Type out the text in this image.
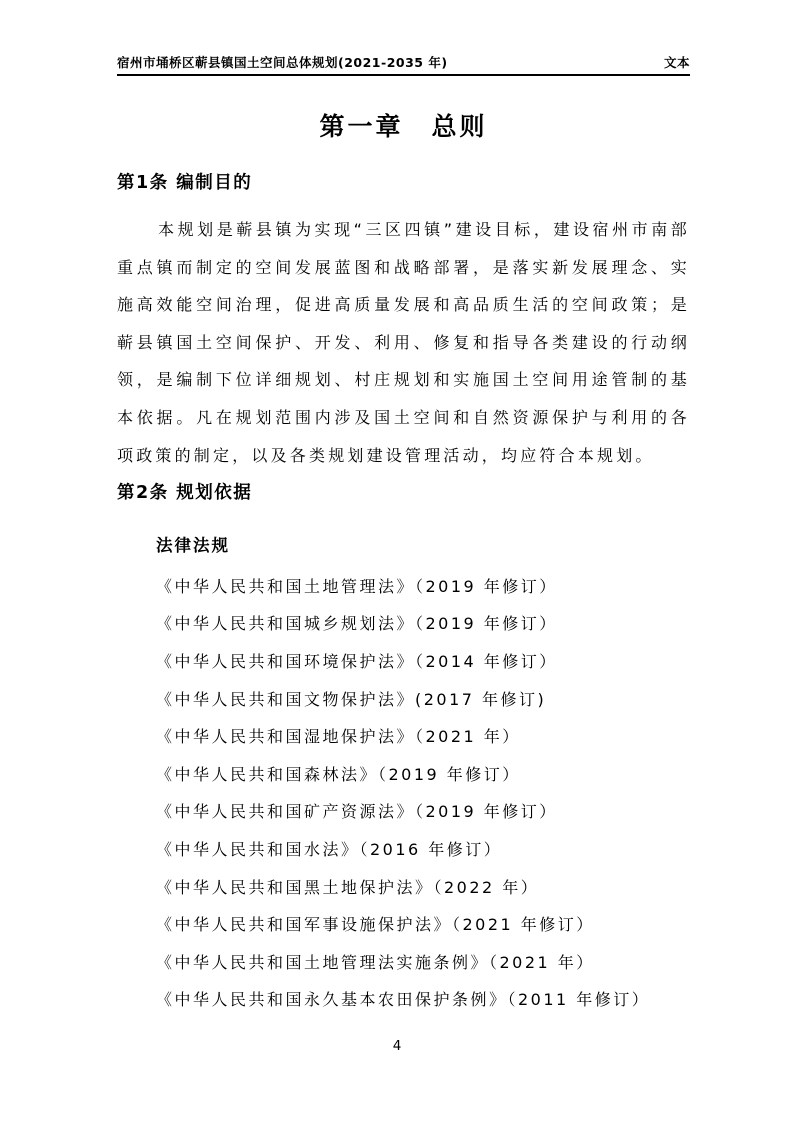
宿州市埇桥区蕲县镇国土空间总体规划(2021-2035 年)	文本
第一章　总则
第1条 编制目的

本规划是蕲县镇为实现“三区四镇”建设目标，建设宿州市南部重点镇而制定的空间发展蓝图和战略部署，是落实新发展理念、实施高效能空间治理，促进高质量发展和高品质生活的空间政策；是蕲县镇国土空间保护、开发、利用、修复和指导各类建设的行动纲领，是编制下位详细规划、村庄规划和实施国土空间用途管制的基本依据。凡在规划范围内涉及国土空间和自然资源保护与利用的各项政策的制定，以及各类规划建设管理活动，均应符合本规划。

第2条 规划依据

法律法规

《中华人民共和国土地管理法》（2019 年修订）

《中华人民共和国城乡规划法》（2019 年修订）

《中华人民共和国环境保护法》（2014 年修订）

《中华人民共和国文物保护法》(2017 年修订)

《中华人民共和国湿地保护法》（2021 年）

《中华人民共和国森林法》（2019 年修订）

《中华人民共和国矿产资源法》（2019 年修订）

《中华人民共和国水法》（2016 年修订）

《中华人民共和国黑土地保护法》（2022 年）

《中华人民共和国军事设施保护法》（2021 年修订）

《中华人民共和国土地管理法实施条例》（2021 年）

《中华人民共和国永久基本农田保护条例》（2011 年修订）

4
